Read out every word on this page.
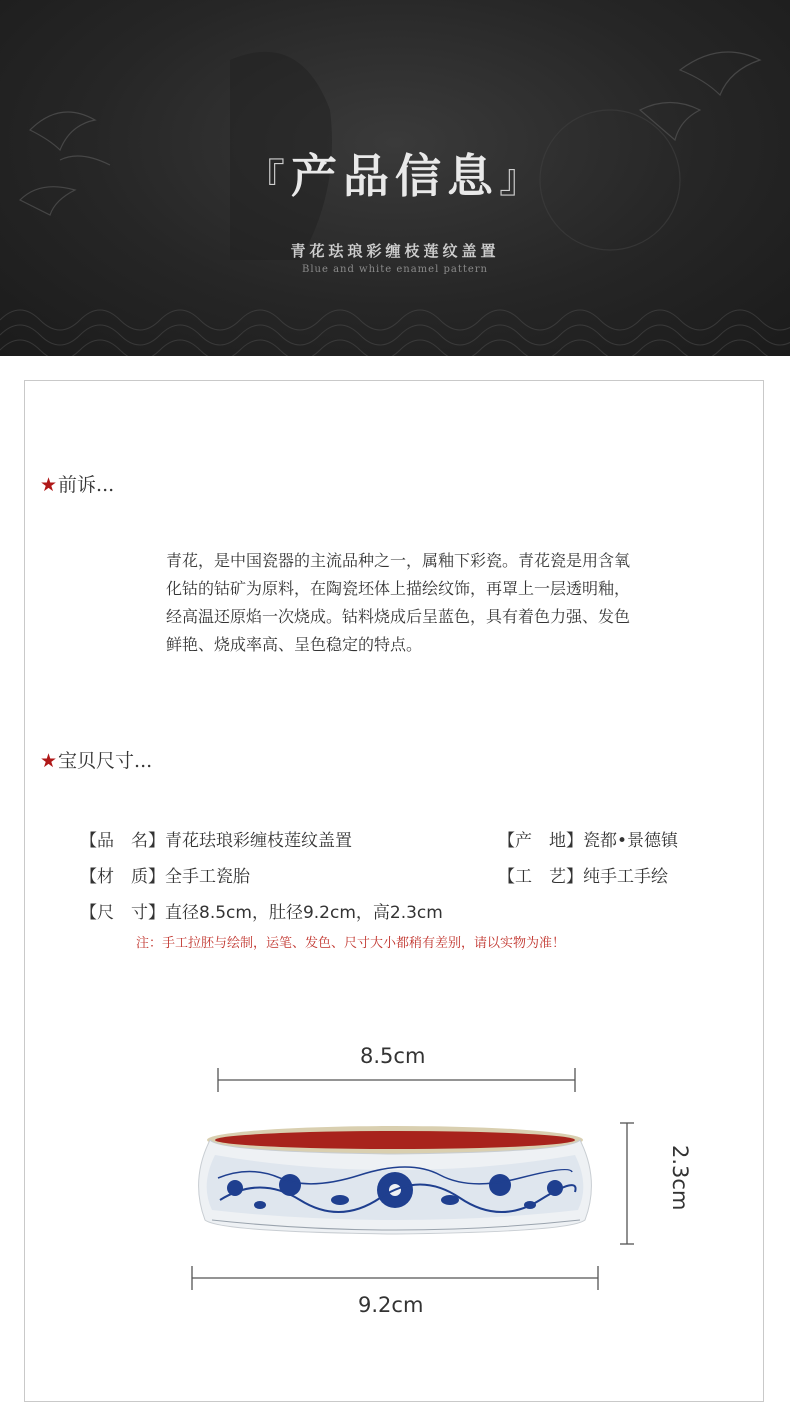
『产品信息』
青花珐琅彩缠枝莲纹盖置
Blue and white enamel pattern
★前诉...
青花，是中国瓷器的主流品种之一，属釉下彩瓷。青花瓷是用含氧化钴的钴矿为原料，在陶瓷坯体上描绘纹饰，再罩上一层透明釉，经高温还原焰一次烧成。钴料烧成后呈蓝色，具有着色力强、发色鲜艳、烧成率高、呈色稳定的特点。
★宝贝尺寸...
【品　名】青花珐琅彩缠枝莲纹盖置	【产　地】瓷都•景德镇
【材　质】全手工瓷胎	【工　艺】纯手工手绘
【尺　寸】直径8.5cm，肚径9.2cm，高2.3cm
注：手工拉胚与绘制，运笔、发色、尺寸大小都稍有差别，请以实物为准！
8.5cm
9.2cm
2.3cm
